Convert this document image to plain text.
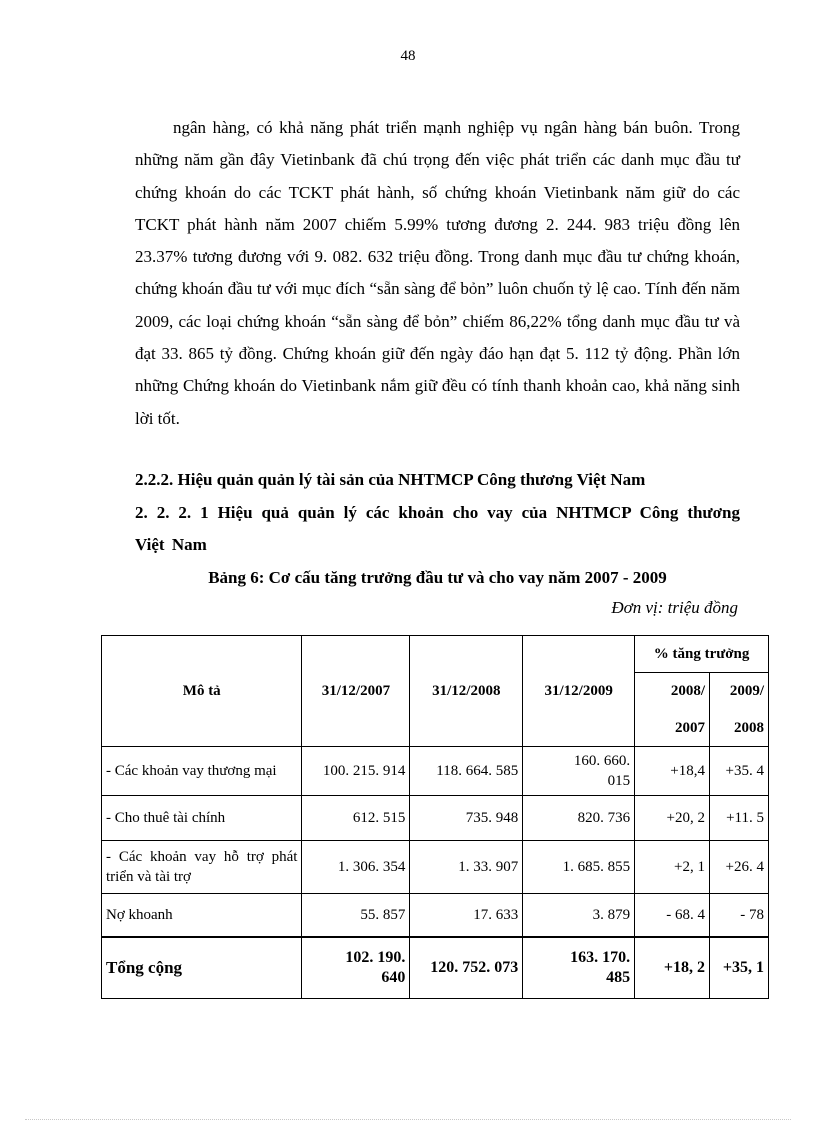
48

ngân hàng, có khả năng phát triển mạnh nghiệp vụ ngân hàng bán buôn. Trong những năm gần đây Vietinbank đã chú trọng đến việc phát triển các danh mục đầu tư chứng khoán do các TCKT phát hành, số chứng khoán Vietinbank năm giữ do các TCKT phát hành năm 2007 chiếm 5.99% tương đương 2. 244. 983 triệu đồng lên 23.37% tương đương với 9. 082. 632 triệu đồng. Trong danh mục đầu tư chứng khoán, chứng khoán đầu tư với mục đích “sẵn sàng để bỏn” luôn chuốn tỷ lệ cao. Tính đến năm 2009, các loại chứng khoán “sẵn sàng để bỏn” chiếm 86,22% tổng danh mục đầu tư và đạt 33. 865 tỷ đồng. Chứng khoán giữ đến ngày đáo hạn đạt 5. 112 tỷ động. Phần lớn những Chứng khoán do Vietinbank nắm giữ đều có tính thanh khoản cao, khả năng sinh lời tốt.

2.2.2. Hiệu quản quản lý tài sản của NHTMCP Công thương Việt Nam

2. 2. 2. 1 Hiệu quả quản lý các khoản cho vay của NHTMCP Công thương Việt Nam

Bảng 6: Cơ cấu tăng trưởng đầu tư và cho vay năm 2007 - 2009

Đơn vị: triệu đồng
Mô tả	31/12/2007	31/12/2008	31/12/2009	% tăng trưởng	
				2008/	2009/
				2007	2008
- Các khoản vay thương mại	100. 215. 914	118. 664. 585	160. 660. 015	+18,4	+35. 4
- Cho thuê tài chính	612. 515	735. 948	820. 736	+20, 2	+11. 5
- Các khoản vay hỗ trợ phát triển và tài trợ	1. 306. 354	1. 33. 907	1. 685. 855	+2, 1	+26. 4
Nợ khoanh	55. 857	17. 633	3. 879	- 68. 4	- 78
Tổng cộng	102. 190. 640	120. 752. 073	163. 170. 485	+18, 2	+35, 1
